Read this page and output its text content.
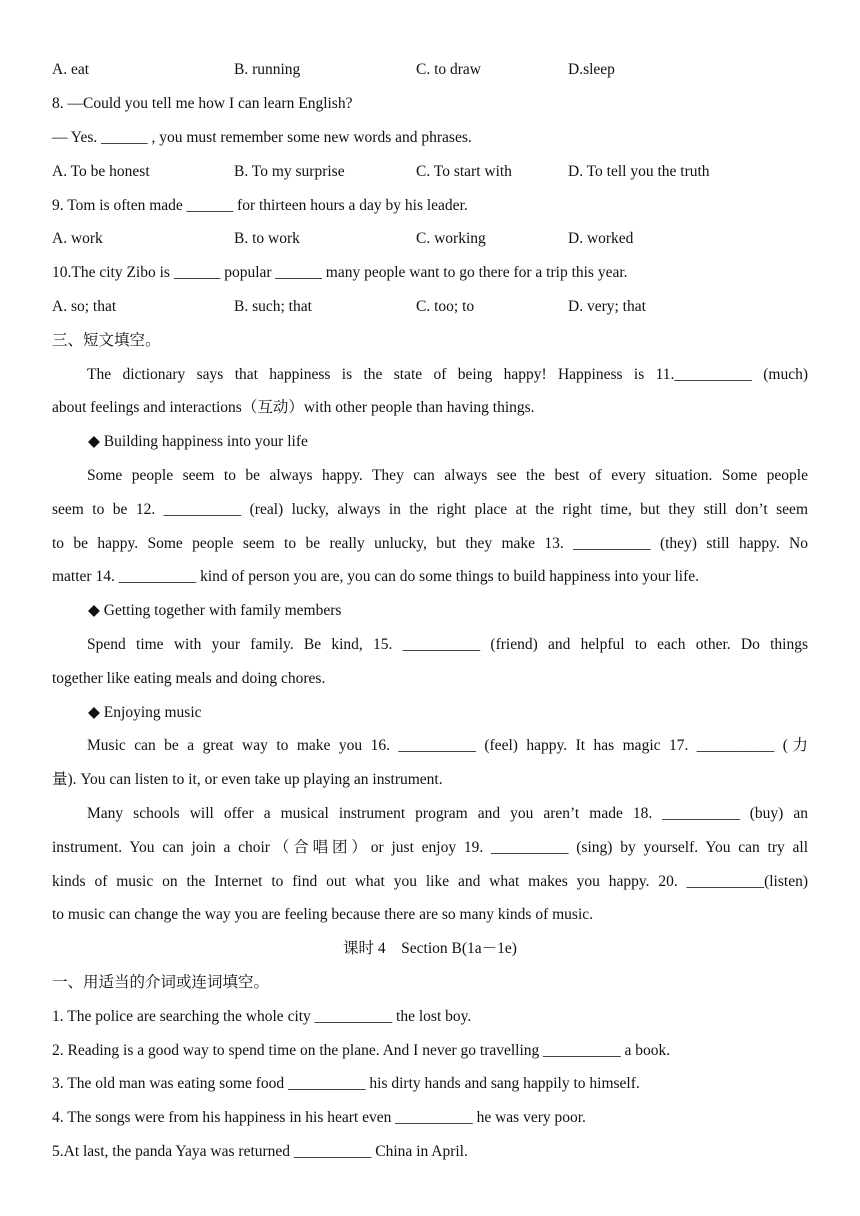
A. eat	B. running	C. to draw	D.sleep
8. —Could you tell me how I can learn English?
— Yes. ______ , you must remember some new words and phrases.
A. To be honest	B. To my surprise	C. To start with	D. To tell you the truth
9. Tom is often made ______ for thirteen hours a day by his leader.
A. work	B. to work	C. working	D. worked
10.The city Zibo is ______ popular ______ many people want to go there for a trip this year.
A. so; that	B. such; that	C. too; to	D. very; that
三、短文填空。
The dictionary says that happiness is the state of being happy! Happiness is 11.__________ (much)
about feelings and interactions（互动）with other people than having things.
◆ Building happiness into your life
Some people seem to be always happy. They can always see the best of every situation. Some people
seem to be 12. __________ (real) lucky, always in the right place at the right time, but they still don’t seem
to be happy. Some people seem to be really unlucky, but they make 13. __________ (they) still happy. No
matter 14. __________ kind of person you are, you can do some things to build happiness into your life.
◆ Getting together with family members
Spend time with your family. Be kind, 15. __________ (friend) and helpful to each other. Do things
together like eating meals and doing chores.
◆ Enjoying music
Music can be a great way to make you 16. __________ (feel) happy. It has magic 17. __________ (力
量). You can listen to it, or even take up playing an instrument.
Many schools will offer a musical instrument program and you aren’t made 18. __________ (buy) an
instrument. You can join a choir（合唱团）or just enjoy 19. __________ (sing) by yourself. You can try all
kinds of music on the Internet to find out what you like and what makes you happy. 20. __________(listen)
to music can change the way you are feeling because there are so many kinds of music.
课时 4　Section B(1a－1e)
一、用适当的介词或连词填空。
1. The police are searching the whole city __________ the lost boy.
2. Reading is a good way to spend time on the plane. And I never go travelling __________ a book.
3. The old man was eating some food __________ his dirty hands and sang happily to himself.
4. The songs were from his happiness in his heart even __________ he was very poor.
5.At last, the panda Yaya was returned __________ China in April.
